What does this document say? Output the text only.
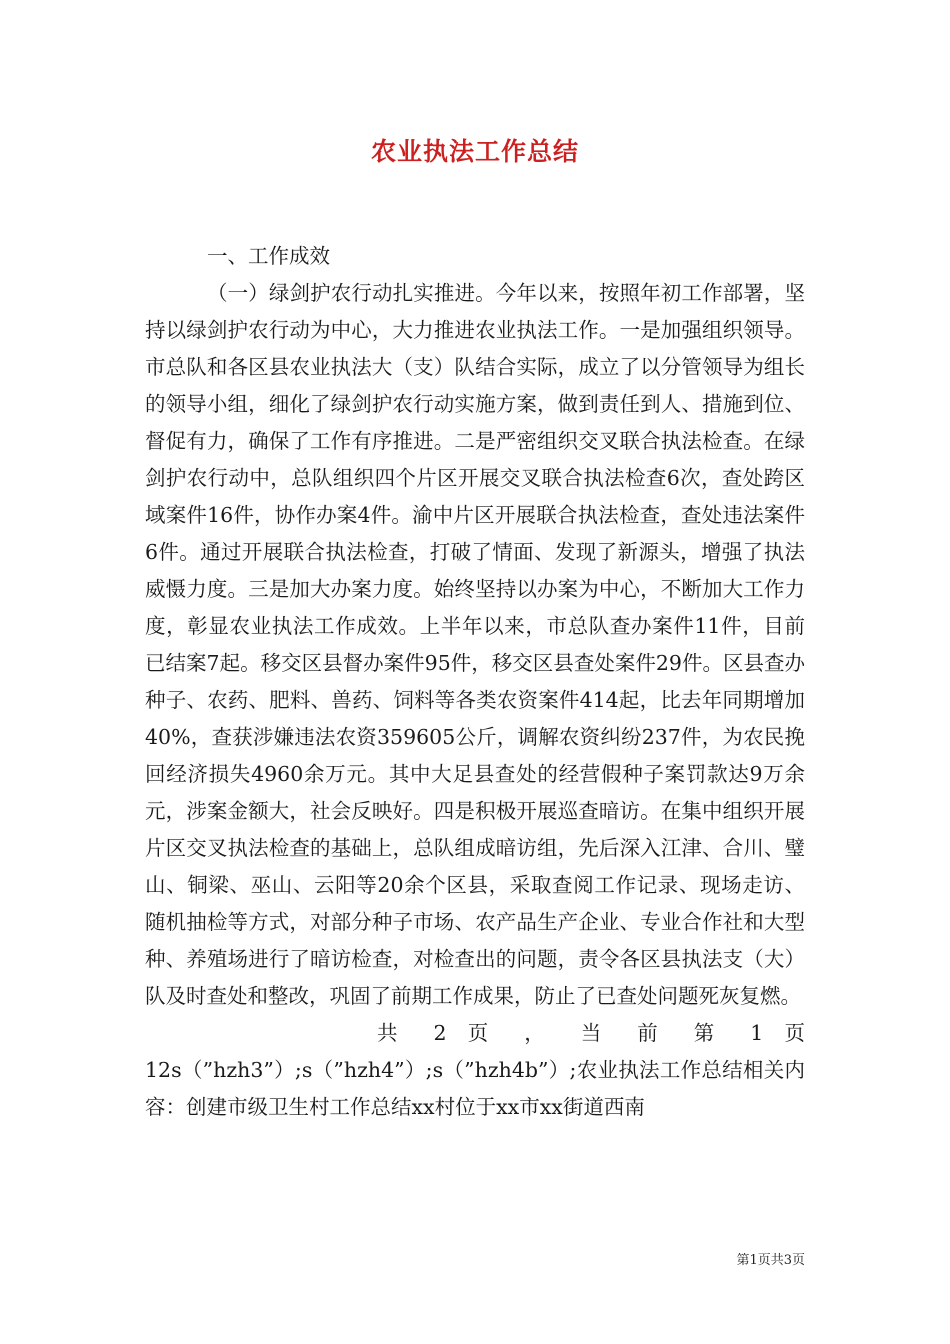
农业执法工作总结

一、工作成效

（一）绿剑护农行动扎实推进。今年以来，按照年初工作部署，坚持以绿剑护农行动为中心，大力推进农业执法工作。一是加强组织领导。市总队和各区县农业执法大（支）队结合实际，成立了以分管领导为组长的领导小组，细化了绿剑护农行动实施方案，做到责任到人、措施到位、督促有力，确保了工作有序推进。二是严密组织交叉联合执法检查。在绿剑护农行动中，总队组织四个片区开展交叉联合执法检查6次，查处跨区域案件16件，协作办案4件。渝中片区开展联合执法检查，查处违法案件6件。通过开展联合执法检查，打破了情面、发现了新源头，增强了执法威慑力度。三是加大办案力度。始终坚持以办案为中心，不断加大工作力度，彰显农业执法工作成效。上半年以来，市总队查办案件11件，目前已结案7起。移交区县督办案件95件，移交区县查处案件29件。区县查办种子、农药、肥料、兽药、饲料等各类农资案件414起，比去年同期增加40%，查获涉嫌违法农资359605公斤，调解农资纠纷237件，为农民挽回经济损失4960余万元。其中大足县查处的经营假种子案罚款达9万余元，涉案金额大，社会反映好。四是积极开展巡查暗访。在集中组织开展片区交叉执法检查的基础上，总队组成暗访组，先后深入江津、合川、璧山、铜梁、巫山、云阳等20余个区县，采取查阅工作记录、现场走访、随机抽检等方式，对部分种子市场、农产品生产企业、专业合作社和大型种、养殖场进行了暗访检查，对检查出的问题，责令各区县执法支（大）队及时查处和整改，巩固了前期工作成果，防止了已查处问题死灰复燃。

共 2 页 ， 当 前 第 1 页

12s（”hzh3”）;s（”hzh4”）;s（”hzh4b”）;农业执法工作总结相关内容：创建市级卫生村工作总结xx村位于xx市xx街道西南

第1页共3页
